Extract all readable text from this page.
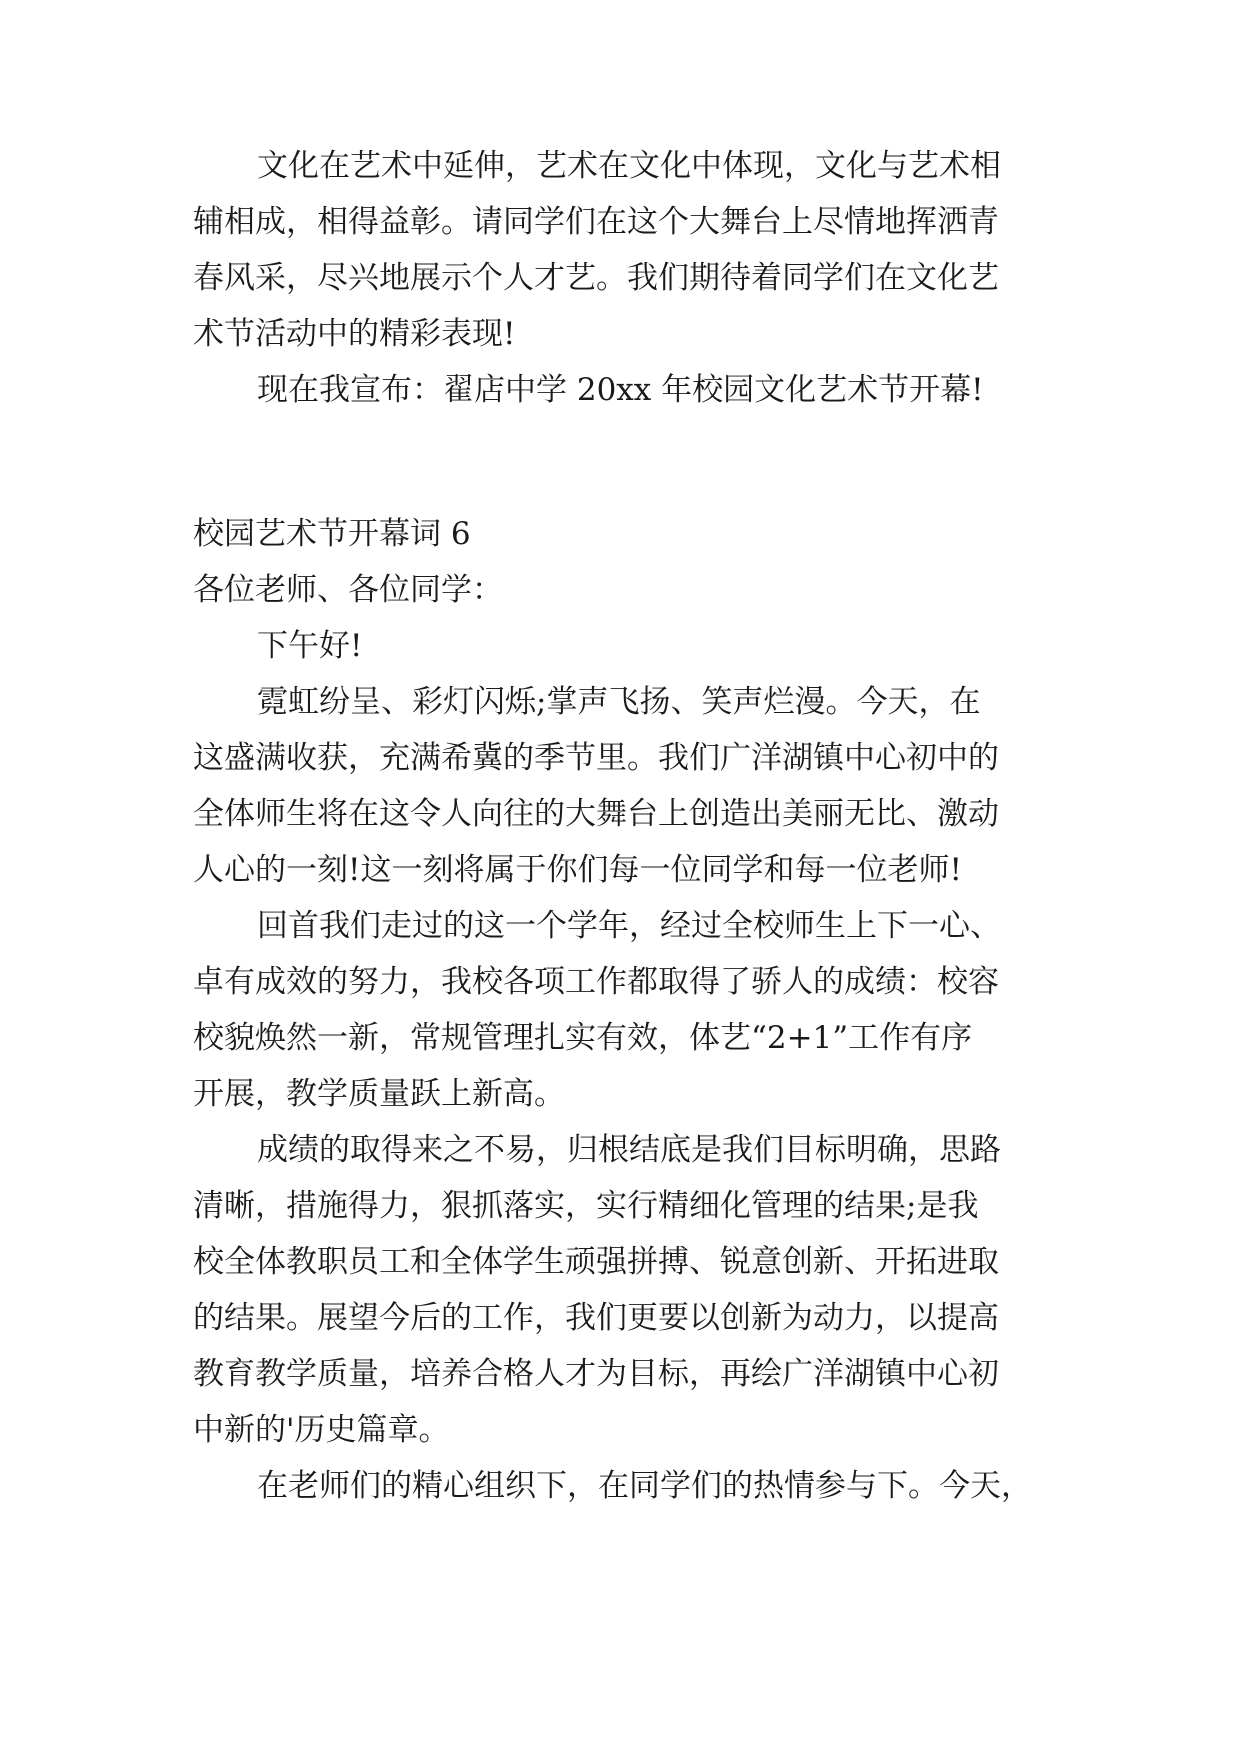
文化在艺术中延伸，艺术在文化中体现，文化与艺术相
辅相成，相得益彰。请同学们在这个大舞台上尽情地挥洒青
春风采，尽兴地展示个人才艺。我们期待着同学们在文化艺
术节活动中的精彩表现!
现在我宣布：翟店中学 20xx 年校园文化艺术节开幕!
校园艺术节开幕词 6
各位老师、各位同学：
下午好!
霓虹纷呈、彩灯闪烁;掌声飞扬、笑声烂漫。今天，在
这盛满收获，充满希冀的季节里。我们广洋湖镇中心初中的
全体师生将在这令人向往的大舞台上创造出美丽无比、激动
人心的一刻!这一刻将属于你们每一位同学和每一位老师!
回首我们走过的这一个学年，经过全校师生上下一心、
卓有成效的努力，我校各项工作都取得了骄人的成绩：校容
校貌焕然一新，常规管理扎实有效，体艺“2+1”工作有序
开展，教学质量跃上新高。
成绩的取得来之不易，归根结底是我们目标明确，思路
清晰，措施得力，狠抓落实，实行精细化管理的结果;是我
校全体教职员工和全体学生顽强拼搏、锐意创新、开拓进取
的结果。展望今后的工作，我们更要以创新为动力，以提高
教育教学质量，培养合格人才为目标，再绘广洋湖镇中心初
中新的'历史篇章。
在老师们的精心组织下，在同学们的热情参与下。今天，
